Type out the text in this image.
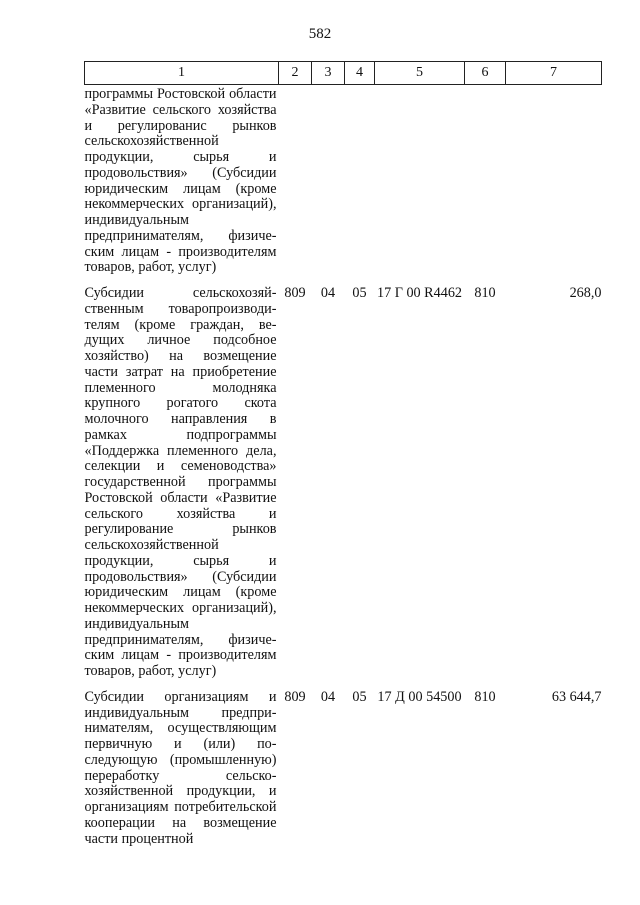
582
1	2	3	4	5	6	7
программы Ростовской области «Развитие сельского хозяйства и регулированис рынков сельскохозяйственной продукции, сырья и продовольствия» (Субсидии юридическим лицам (кроме некоммерческих организаций), индивидуальным предпринимателям, физическим лицам - производителям товаров, работ, услуг)						
Субсидии сельскохозяйственным товаропроизводителям (кроме граждан, ведущих личное подсобное хозяйство) на возмещение части затрат на приобретение племенного молодняка крупного рогатого скота молочного направления в рамках подпрограммы «Поддержка племенного дела, селекции и семеноводства» государственной программы Ростовской области «Развитие сельского хозяйства и регулирование рынков сельскохозяйственной продукции, сырья и продовольствия» (Субсидии юридическим лицам (кроме некоммерческих организаций), индивидуальным предпринимателям, физическим лицам - производителям товаров, работ, услуг)	809	04	05	17 Г 00 R4462	810	268,0
Субсидии организациям и индивидуальным предпринимателям, осуществляющим первичную и (или) последующую (промышленную) переработку сельскохозяйственной продукции, и организациям потребительской кооперации на возмещение части процентной	809	04	05	17 Д 00 54500	810	63 644,7
